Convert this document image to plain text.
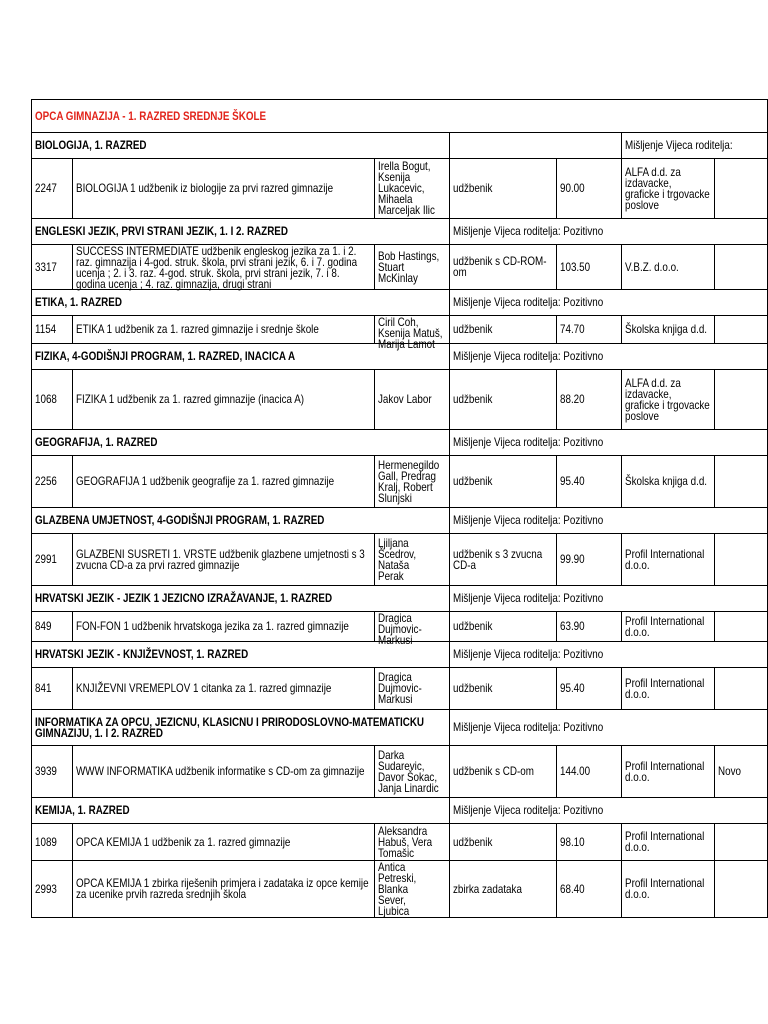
OPCA GIMNAZIJA - 1. RAZRED SREDNJE ŠKOLE						

BIOLOGIJA, 1. RAZRED					Mišljenje Vijeca roditelja:	

2247	BIOLOGIJA 1 udžbenik iz biologije za prvi razred gimnazije	Irella Bogut,
Ksenija
Lukacevic,
Mihaela
Marceljak Ilic	udžbenik	90.00	ALFA d.d. za
izdavacke,
graficke i trgovacke
poslove	

ENGLESKI JEZIK, PRVI STRANI JEZIK, 1. I 2. RAZRED			Mišljenje Vijeca roditelja: Pozitivno			

3317	SUCCESS INTERMEDIATE udžbenik engleskog jezika za 1. i 2. raz. gimnazija i 4-god. struk. škola, prvi strani jezik, 6. i 7. godina ucenja ; 2. i 3. raz. 4-god. struk. škola, prvi strani jezik, 7. i 8. godina ucenja ; 4. raz. gimnazija, drugi strani	Bob Hastings,
Stuart McKinlay	udžbenik s CD-ROM-om	103.50	V.B.Z. d.o.o.	

ETIKA, 1. RAZRED			Mišljenje Vijeca roditelja: Pozitivno			

1154	ETIKA 1 udžbenik za 1. razred gimnazije i srednje škole	Ciril Coh,
Ksenija Matuš,
Marija Lamot	udžbenik	74.70	Školska knjiga d.d.	

FIZIKA, 4-GODIŠNJI PROGRAM, 1. RAZRED, INACICA A			Mišljenje Vijeca roditelja: Pozitivno			

1068	FIZIKA 1 udžbenik za 1. razred gimnazije (inacica A)	Jakov Labor	udžbenik	88.20	ALFA d.d. za
izdavacke,
graficke i trgovacke
poslove	

GEOGRAFIJA, 1. RAZRED			Mišljenje Vijeca roditelja: Pozitivno			

2256	GEOGRAFIJA 1 udžbenik geografije za 1. razred gimnazije	Hermenegildo
Gall, Predrag
Kralj, Robert
Slunjski	udžbenik	95.40	Školska knjiga d.d.	

GLAZBENA UMJETNOST, 4-GODIŠNJI PROGRAM, 1. RAZRED			Mišljenje Vijeca roditelja: Pozitivno			

2991	GLAZBENI SUSRETI 1. VRSTE udžbenik glazbene umjetnosti s 3 zvucna CD-a za prvi razred gimnazije	Ljiljana
Šcedrov,
Nataša
Perak	udžbenik s 3 zvucna
CD-a	99.90	Profil International
d.o.o.	

HRVATSKI JEZIK - JEZIK 1 JEZICNO IZRAŽAVANJE, 1. RAZRED			Mišljenje Vijeca roditelja: Pozitivno			

849	FON-FON 1 udžbenik hrvatskoga jezika za 1. razred gimnazije	Dragica
Dujmovic-
Markusi	udžbenik	63.90	Profil International
d.o.o.	

HRVATSKI JEZIK - KNJIŽEVNOST, 1. RAZRED			Mišljenje Vijeca roditelja: Pozitivno			

841	KNJIŽEVNI VREMEPLOV 1 citanka za 1. razred gimnazije	Dragica
Dujmovic-
Markusi	udžbenik	95.40	Profil International
d.o.o.	

INFORMATIKA ZA OPCU, JEZICNU, KLASICNU I PRIRODOSLOVNO-MATEMATICKU GIMNAZIJU, 1. I 2. RAZRED			Mišljenje Vijeca roditelja: Pozitivno			

3939	WWW INFORMATIKA udžbenik informatike s CD-om za gimnazije	Darka
Sudarevic,
Davor Šokac,
Janja Linardic	udžbenik s CD-om	144.00	Profil International
d.o.o.	Novo

KEMIJA, 1. RAZRED			Mišljenje Vijeca roditelja: Pozitivno			

1089	OPCA KEMIJA 1 udžbenik za 1. razred gimnazije	Aleksandra
Habuš, Vera
Tomašic	udžbenik	98.10	Profil International
d.o.o.	

2993	OPCA KEMIJA 1 zbirka riješenih primjera i zadataka iz opce kemije za ucenike prvih razreda srednjih škola	Antica
Petreski,
Blanka
Sever,
Ljubica	zbirka zadataka	68.40	Profil International
d.o.o.	
